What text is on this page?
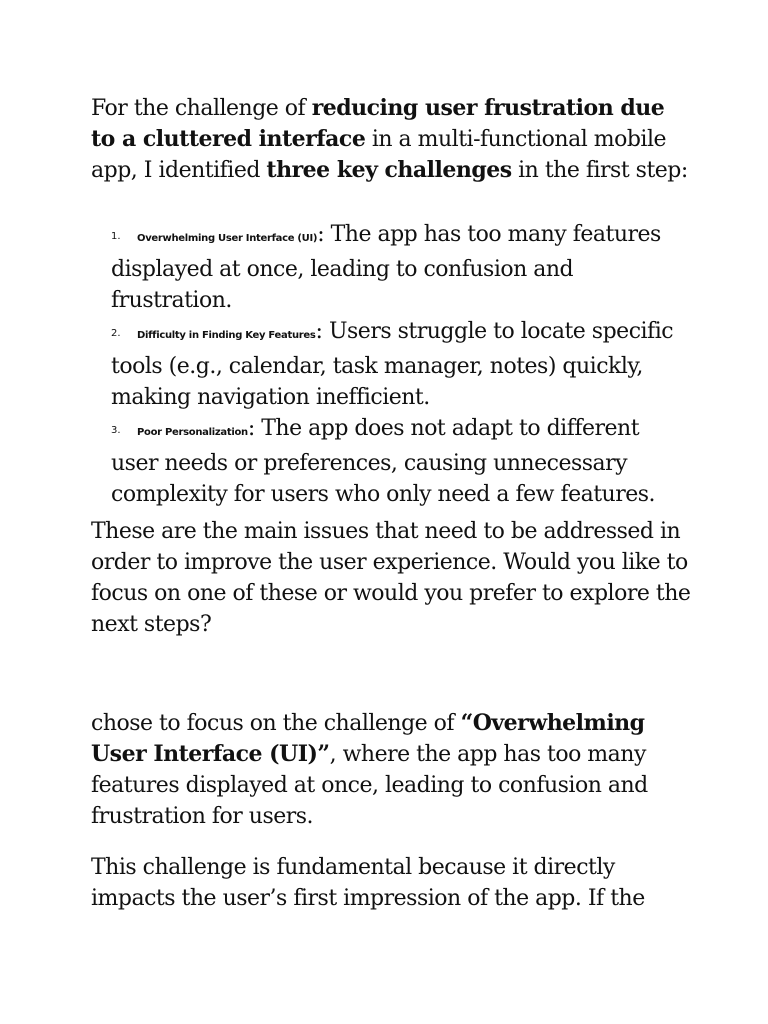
For the challenge of reducing user frustration due to a cluttered interface in a multi-functional mobile app, I identified three key challenges in the first step:

1. Overwhelming User Interface (UI): The app has too many features displayed at once, leading to confusion and frustration.
2. Difficulty in Finding Key Features: Users struggle to locate specific tools (e.g., calendar, task manager, notes) quickly, making navigation inefficient.
3. Poor Personalization: The app does not adapt to different user needs or preferences, causing unnecessary complexity for users who only need a few features.

These are the main issues that need to be addressed in order to improve the user experience. Would you like to focus on one of these or would you prefer to explore the next steps?

chose to focus on the challenge of “Overwhelming User Interface (UI)”, where the app has too many features displayed at once, leading to confusion and frustration for users.

This challenge is fundamental because it directly impacts the user’s first impression of the app. If the
